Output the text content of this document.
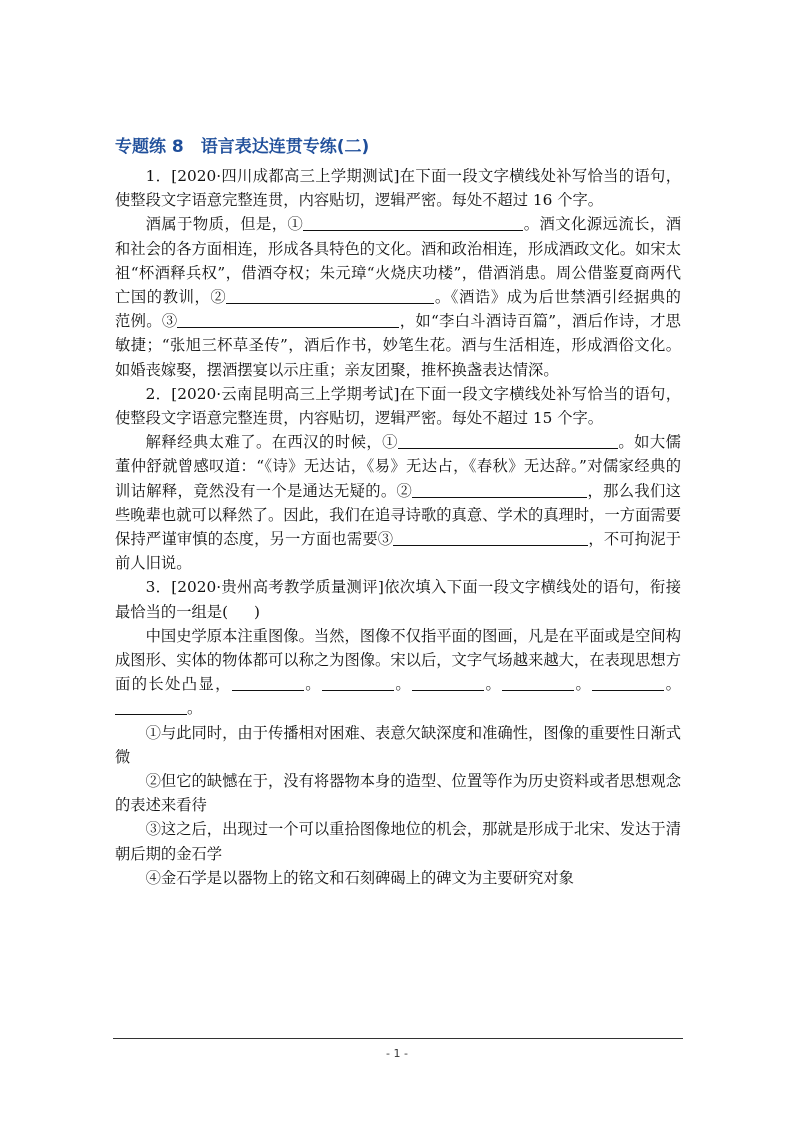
专题练 8　语言表达连贯专练(二)

1．[2020·四川成都高三上学期测试]在下面一段文字横线处补写恰当的语句，使整段文字语意完整连贯，内容贴切，逻辑严密。每处不超过 16 个字。

酒属于物质，但是，①	。酒文化源远流长，酒和社会的各方面相连，形成各具特色的文化。酒和政治相连，形成酒政文化。如宋太祖“杯酒释兵权”，借酒夺权；朱元璋“火烧庆功楼”，借酒消患。周公借鉴夏商两代亡国的教训，②	。《酒诰》成为后世禁酒引经据典的范例。③	，如“李白斗酒诗百篇”，酒后作诗，才思敏捷；“张旭三杯草圣传”，酒后作书，妙笔生花。酒与生活相连，形成酒俗文化。如婚丧嫁娶，摆酒摆宴以示庄重；亲友团聚，推杯换盏表达情深。

2．[2020·云南昆明高三上学期考试]在下面一段文字横线处补写恰当的语句，使整段文字语意完整连贯，内容贴切，逻辑严密。每处不超过 15 个字。

解释经典太难了。在西汉的时候，①	。如大儒董仲舒就曾感叹道：“《诗》无达诂，《易》无达占，《春秋》无达辞。”对儒家经典的训诂解释，竟然没有一个是通达无疑的。②	，那么我们这些晚辈也就可以释然了。因此，我们在追寻诗歌的真意、学术的真理时，一方面需要保持严谨审慎的态度，另一方面也需要③	，不可拘泥于前人旧说。

3．[2020·贵州高考教学质量测评]依次填入下面一段文字横线处的语句，衔接最恰当的一组是( )

中国史学原本注重图像。当然，图像不仅指平面的图画，凡是在平面或是空间构成图形、实体的物体都可以称之为图像。宋以后，文字气场越来越大，在表现思想方面的长处凸显，	。	。	。	。	。。

①与此同时，由于传播相对困难、表意欠缺深度和准确性，图像的重要性日渐式微

②但它的缺憾在于，没有将器物本身的造型、位置等作为历史资料或者思想观念的表述来看待

③这之后，出现过一个可以重拾图像地位的机会，那就是形成于北宋、发达于清朝后期的金石学

④金石学是以器物上的铭文和石刻碑碣上的碑文为主要研究对象

- 1 -
